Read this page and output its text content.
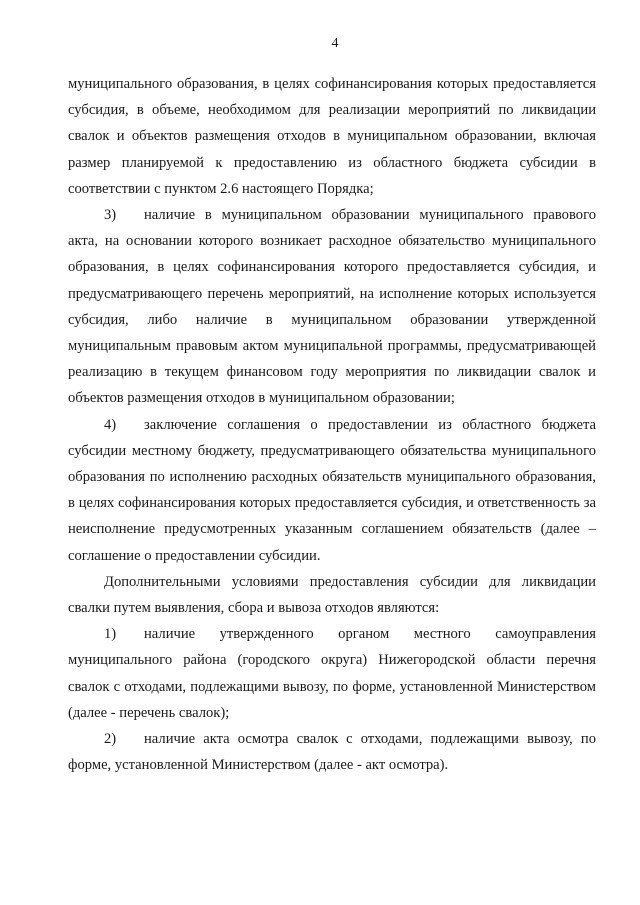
4

муниципального образования, в целях софинансирования которых предоставляется субсидия, в объеме, необходимом для реализации мероприятий по ликвидации свалок и объектов размещения отходов в муниципальном образовании, включая размер планируемой к предоставлению из областного бюджета субсидии в соответствии с пунктом 2.6 настоящего Порядка;

3) наличие в муниципальном образовании муниципального правового акта, на основании которого возникает расходное обязательство муниципального образования, в целях софинансирования которого предоставляется субсидия, и предусматривающего перечень мероприятий, на исполнение которых используется субсидия, либо наличие в муниципальном образовании утвержденной муниципальным правовым актом муниципальной программы, предусматривающей реализацию в текущем финансовом году мероприятия по ликвидации свалок и объектов размещения отходов в муниципальном образовании;

4) заключение соглашения о предоставлении из областного бюджета субсидии местному бюджету, предусматривающего обязательства муниципального образования по исполнению расходных обязательств муниципального образования, в целях софинансирования которых предоставляется субсидия, и ответственность за неисполнение предусмотренных указанным соглашением обязательств (далее – соглашение о предоставлении субсидии.

Дополнительными условиями предоставления субсидии для ликвидации свалки путем выявления, сбора и вывоза отходов являются:

1) наличие утвержденного органом местного самоуправления муниципального района (городского округа) Нижегородской области перечня свалок с отходами, подлежащими вывозу, по форме, установленной Министерством (далее - перечень свалок);

2) наличие акта осмотра свалок с отходами, подлежащими вывозу, по форме, установленной Министерством (далее - акт осмотра).
